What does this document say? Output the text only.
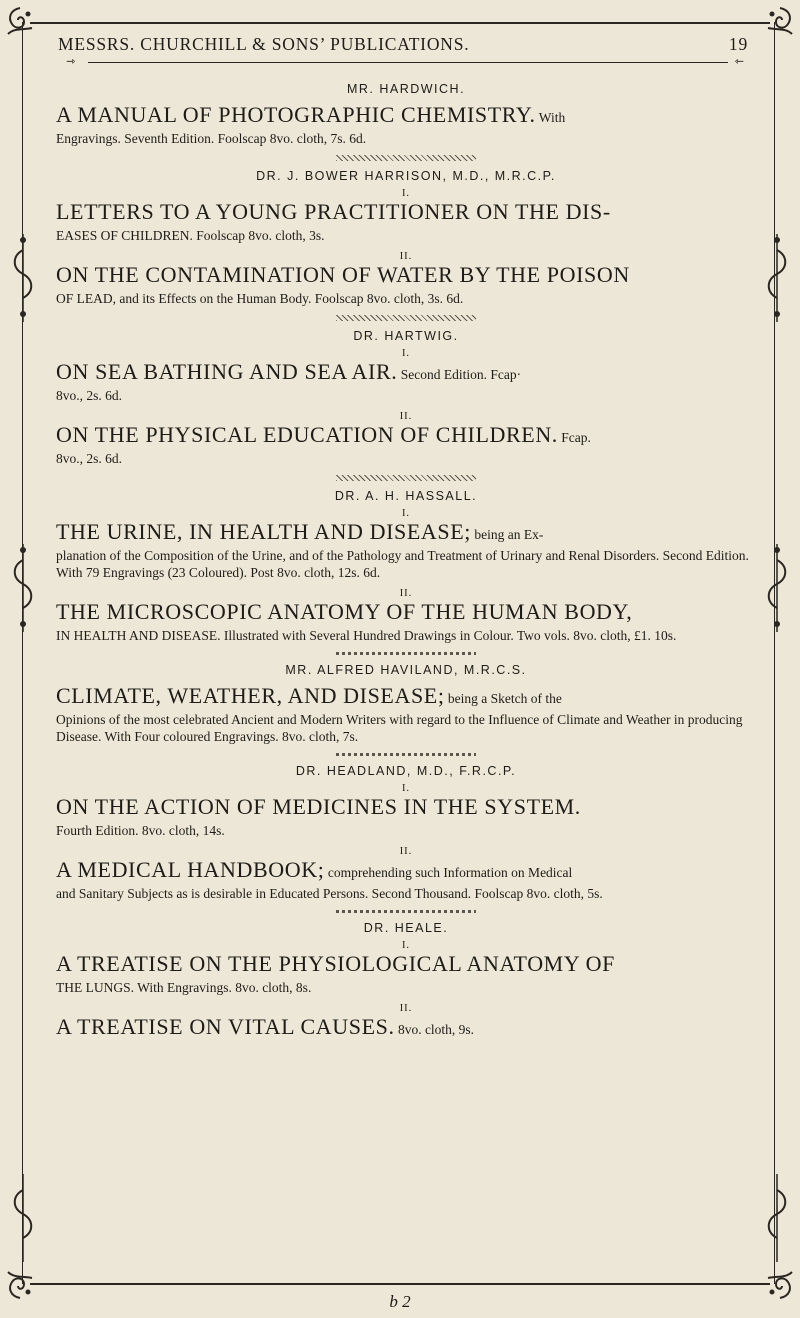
MESSRS. CHURCHILL & SONS’ PUBLICATIONS.	19
⇾	⇽

MR. HARDWICH.

A MANUAL OF PHOTOGRAPHIC CHEMISTRY. With

Engravings. Seventh Edition. Foolscap 8vo. cloth, 7s. 6d.

DR. J. BOWER HARRISON, M.D., M.R.C.P.

I.

LETTERS TO A YOUNG PRACTITIONER ON THE DIS-

EASES OF CHILDREN. Foolscap 8vo. cloth, 3s.

II.

ON THE CONTAMINATION OF WATER BY THE POISON

OF LEAD, and its Effects on the Human Body. Foolscap 8vo. cloth, 3s. 6d.

DR. HARTWIG.

I.

ON SEA BATHING AND SEA AIR. Second Edition. Fcap·

8vo., 2s. 6d.

II.

ON THE PHYSICAL EDUCATION OF CHILDREN. Fcap.

8vo., 2s. 6d.

DR. A. H. HASSALL.

I.

THE URINE, IN HEALTH AND DISEASE; being an Ex-

planation of the Composition of the Urine, and of the Pathology and Treatment of Urinary and Renal Disorders. Second Edition. With 79 Engravings (23 Coloured). Post 8vo. cloth, 12s. 6d.

II.

THE MICROSCOPIC ANATOMY OF THE HUMAN BODY,

IN HEALTH AND DISEASE. Illustrated with Several Hundred Drawings in Colour. Two vols. 8vo. cloth, £1. 10s.

MR. ALFRED HAVILAND, M.R.C.S.

CLIMATE, WEATHER, AND DISEASE; being a Sketch of the

Opinions of the most celebrated Ancient and Modern Writers with regard to the Influence of Climate and Weather in producing Disease. With Four coloured Engravings. 8vo. cloth, 7s.

DR. HEADLAND, M.D., F.R.C.P.

I.

ON THE ACTION OF MEDICINES IN THE SYSTEM.

Fourth Edition. 8vo. cloth, 14s.

II.

A MEDICAL HANDBOOK; comprehending such Information on Medical

and Sanitary Subjects as is desirable in Educated Persons. Second Thousand. Foolscap 8vo. cloth, 5s.

DR. HEALE.

I.

A TREATISE ON THE PHYSIOLOGICAL ANATOMY OF

THE LUNGS. With Engravings. 8vo. cloth, 8s.

II.

A TREATISE ON VITAL CAUSES. 8vo. cloth, 9s.

b 2
